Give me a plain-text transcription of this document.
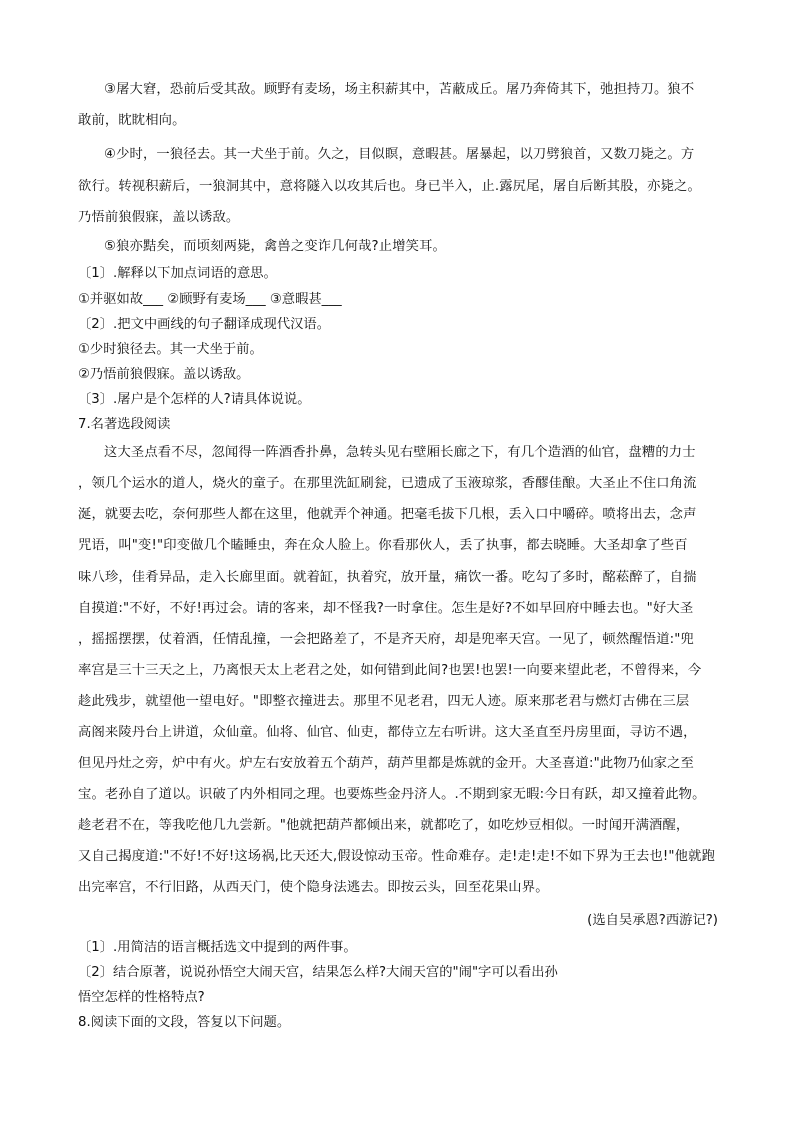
③屠大窘，恐前后受其敌。顾野有麦场，场主积薪其中，苫蔽成丘。屠乃奔倚其下，弛担持刀。狼不
敢前，眈眈相向。
④少时，一狼径去。其一犬坐于前。久之，目似瞑，意暇甚。屠暴起，以刀劈狼首，又数刀毙之。方
欲行。转视积薪后，一狼洞其中，意将隧入以攻其后也。身已半入，止.露尻尾，屠自后断其股，亦毙之。
乃悟前狼假寐，盖以诱敌。
⑤狼亦黠矣，而顷刻两毙，禽兽之变诈几何哉?止增笑耳。
〔1〕.解释以下加点词语的意思。
①并驱如故___ ②顾野有麦场___ ③意暇甚___
〔2〕.把文中画线的句子翻译成现代汉语。
①少时狼径去。其一犬坐于前。
②乃悟前狼假寐。盖以诱敌。
〔3〕.屠户是个怎样的人?请具体说说。
7.名著选段阅读
这大圣点看不尽，忽闻得一阵酒香扑鼻，急转头见右壁厢长廊之下，有几个造酒的仙官，盘糟的力士
，领几个运水的道人，烧火的童子。在那里洗缸刷瓮，已遗成了玉液琼浆，香醪佳酿。大圣止不住口角流
涎，就要去吃，奈何那些人都在这里，他就弄个神通。把毫毛拔下几根，丢入口中嚼碎。喷将出去，念声
咒语，叫"变!"印变做几个瞌睡虫，奔在众人脸上。你看那伙人，丢了执事，都去晓睡。大圣却拿了些百
味八珍，佳肴异品，走入长廊里面。就着缸，执着究，放开量，痛饮一番。吃勾了多时，酩菘醉了，自揣
自摸道:"不好，不好!再过会。请的客来，却不怪我?一时拿住。怎生是好?不如早回府中睡去也。"好大圣
，摇摇摆摆，仗着酒，任情乱撞，一会把路差了，不是齐天府，却是兜率天宫。一见了，顿然醒悟道:"兜
率宫是三十三天之上，乃离恨天太上老君之处，如何错到此间?也罢!也罢!一向要来望此老，不曾得来，今
趁此残步，就望他一望电好。"即整衣撞进去。那里不见老君，四无人迹。原来那老君与燃灯古佛在三层
高阁来陵丹台上讲道，众仙童。仙将、仙官、仙吏，都侍立左右听讲。这大圣直至丹房里面，寻访不遇，
但见丹灶之旁，炉中有火。炉左右安放着五个葫芦，葫芦里都是炼就的金开。大圣喜道:"此物乃仙家之至
宝。老孙自了道以。识破了内外相同之理。也要炼些金丹济人。.不期到家无暇:今日有跃，却又撞着此物。
趁老君不在，等我吃他几九尝新。"他就把葫芦都倾出来，就都吃了，如吃炒豆相似。一时闻开满酒醒，
又自己揭度道:"不好!不好!这场祸,比天还大,假设惊动玉帝。性命难存。走!走!走!不如下界为王去也!"他就跑
出完率宫，不行旧路，从西天门，使个隐身法逃去。即按云头，回至花果山界。
(选自吴承恩?西游记?)
〔1〕.用简洁的语言概括选文中提到的两件事。
〔2〕结合原著，说说孙悟空大闹天宫，结果怎么样?大闹天宫的"闹"字可以看出孙
悟空怎样的性格特点?
8.阅读下面的文段，答复以下问题。
